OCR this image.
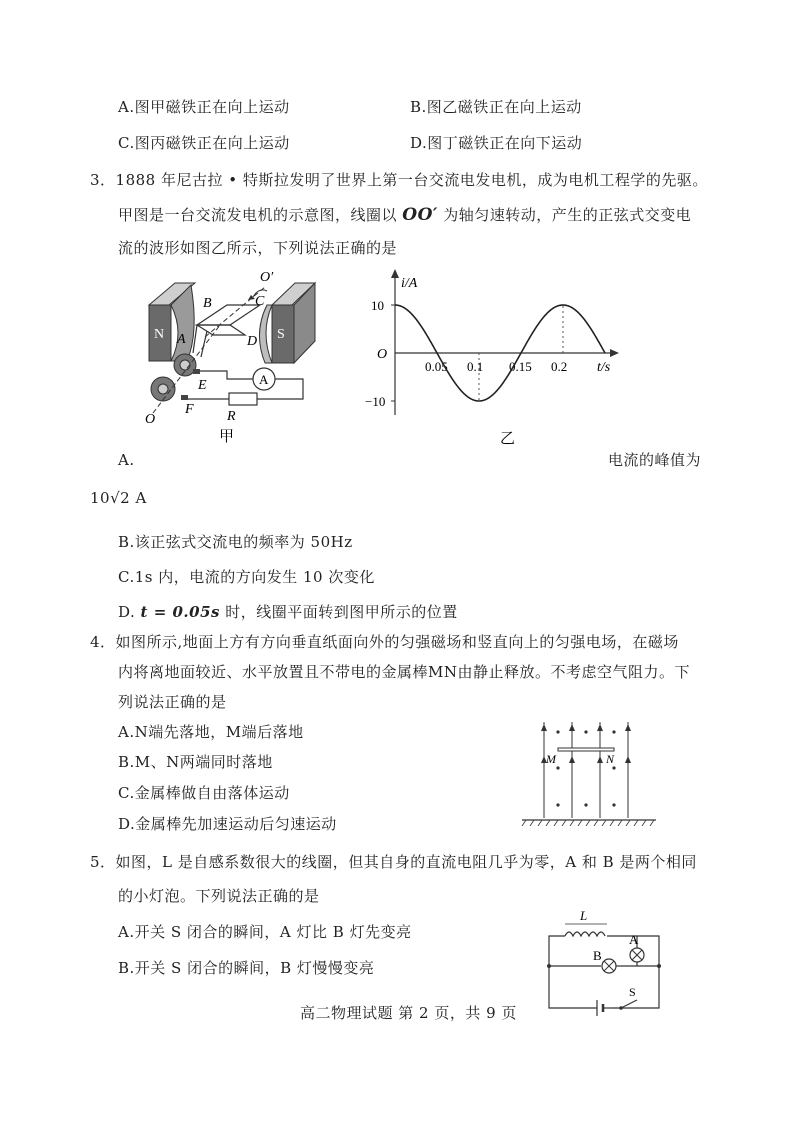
A.图甲磁铁正在向上运动	B.图乙磁铁正在向上运动
C.图丙磁铁正在向上运动	D.图丁磁铁正在向下运动
3．1888 年尼古拉 • 特斯拉发明了世界上第一台交流电发电机，成为电机工程学的先驱。
甲图是一台交流发电机的示意图，线圈以 OO′ 为轴匀速转动，产生的正弦式交变电
流的波形如图乙所示，下列说法正确的是
N	S
A
O′
B	C
A	D
E
F R
O
甲
i/A
t/s
O
0.05 0.1 0.15 0.2
10
−10
乙
A.	电流的峰值为
10√2 A
B.该正弦式交流电的频率为 50Hz
C.1s 内，电流的方向发生 10 次变化
D. t = 0.05s 时，线圈平面转到图甲所示的位置
4．如图所示,地面上方有方向垂直纸面向外的匀强磁场和竖直向上的匀强电场，在磁场
内将离地面较近、水平放置且不带电的金属棒MN由静止释放。不考虑空气阻力。下
列说法正确的是
A.N端先落地，M端后落地
B.M、N两端同时落地
C.金属棒做自由落体运动
D.金属棒先加速运动后匀速运动
M	N
5．如图，L 是自感系数很大的线圈，但其自身的直流电阻几乎为零，A 和 B 是两个相同
的小灯泡。下列说法正确的是
A.开关 S 闭合的瞬间，A 灯比 B 灯先变亮
B.开关 S 闭合的瞬间，B 灯慢慢变亮
L
B
A
S
高二物理试题 第 2 页，共 9 页
